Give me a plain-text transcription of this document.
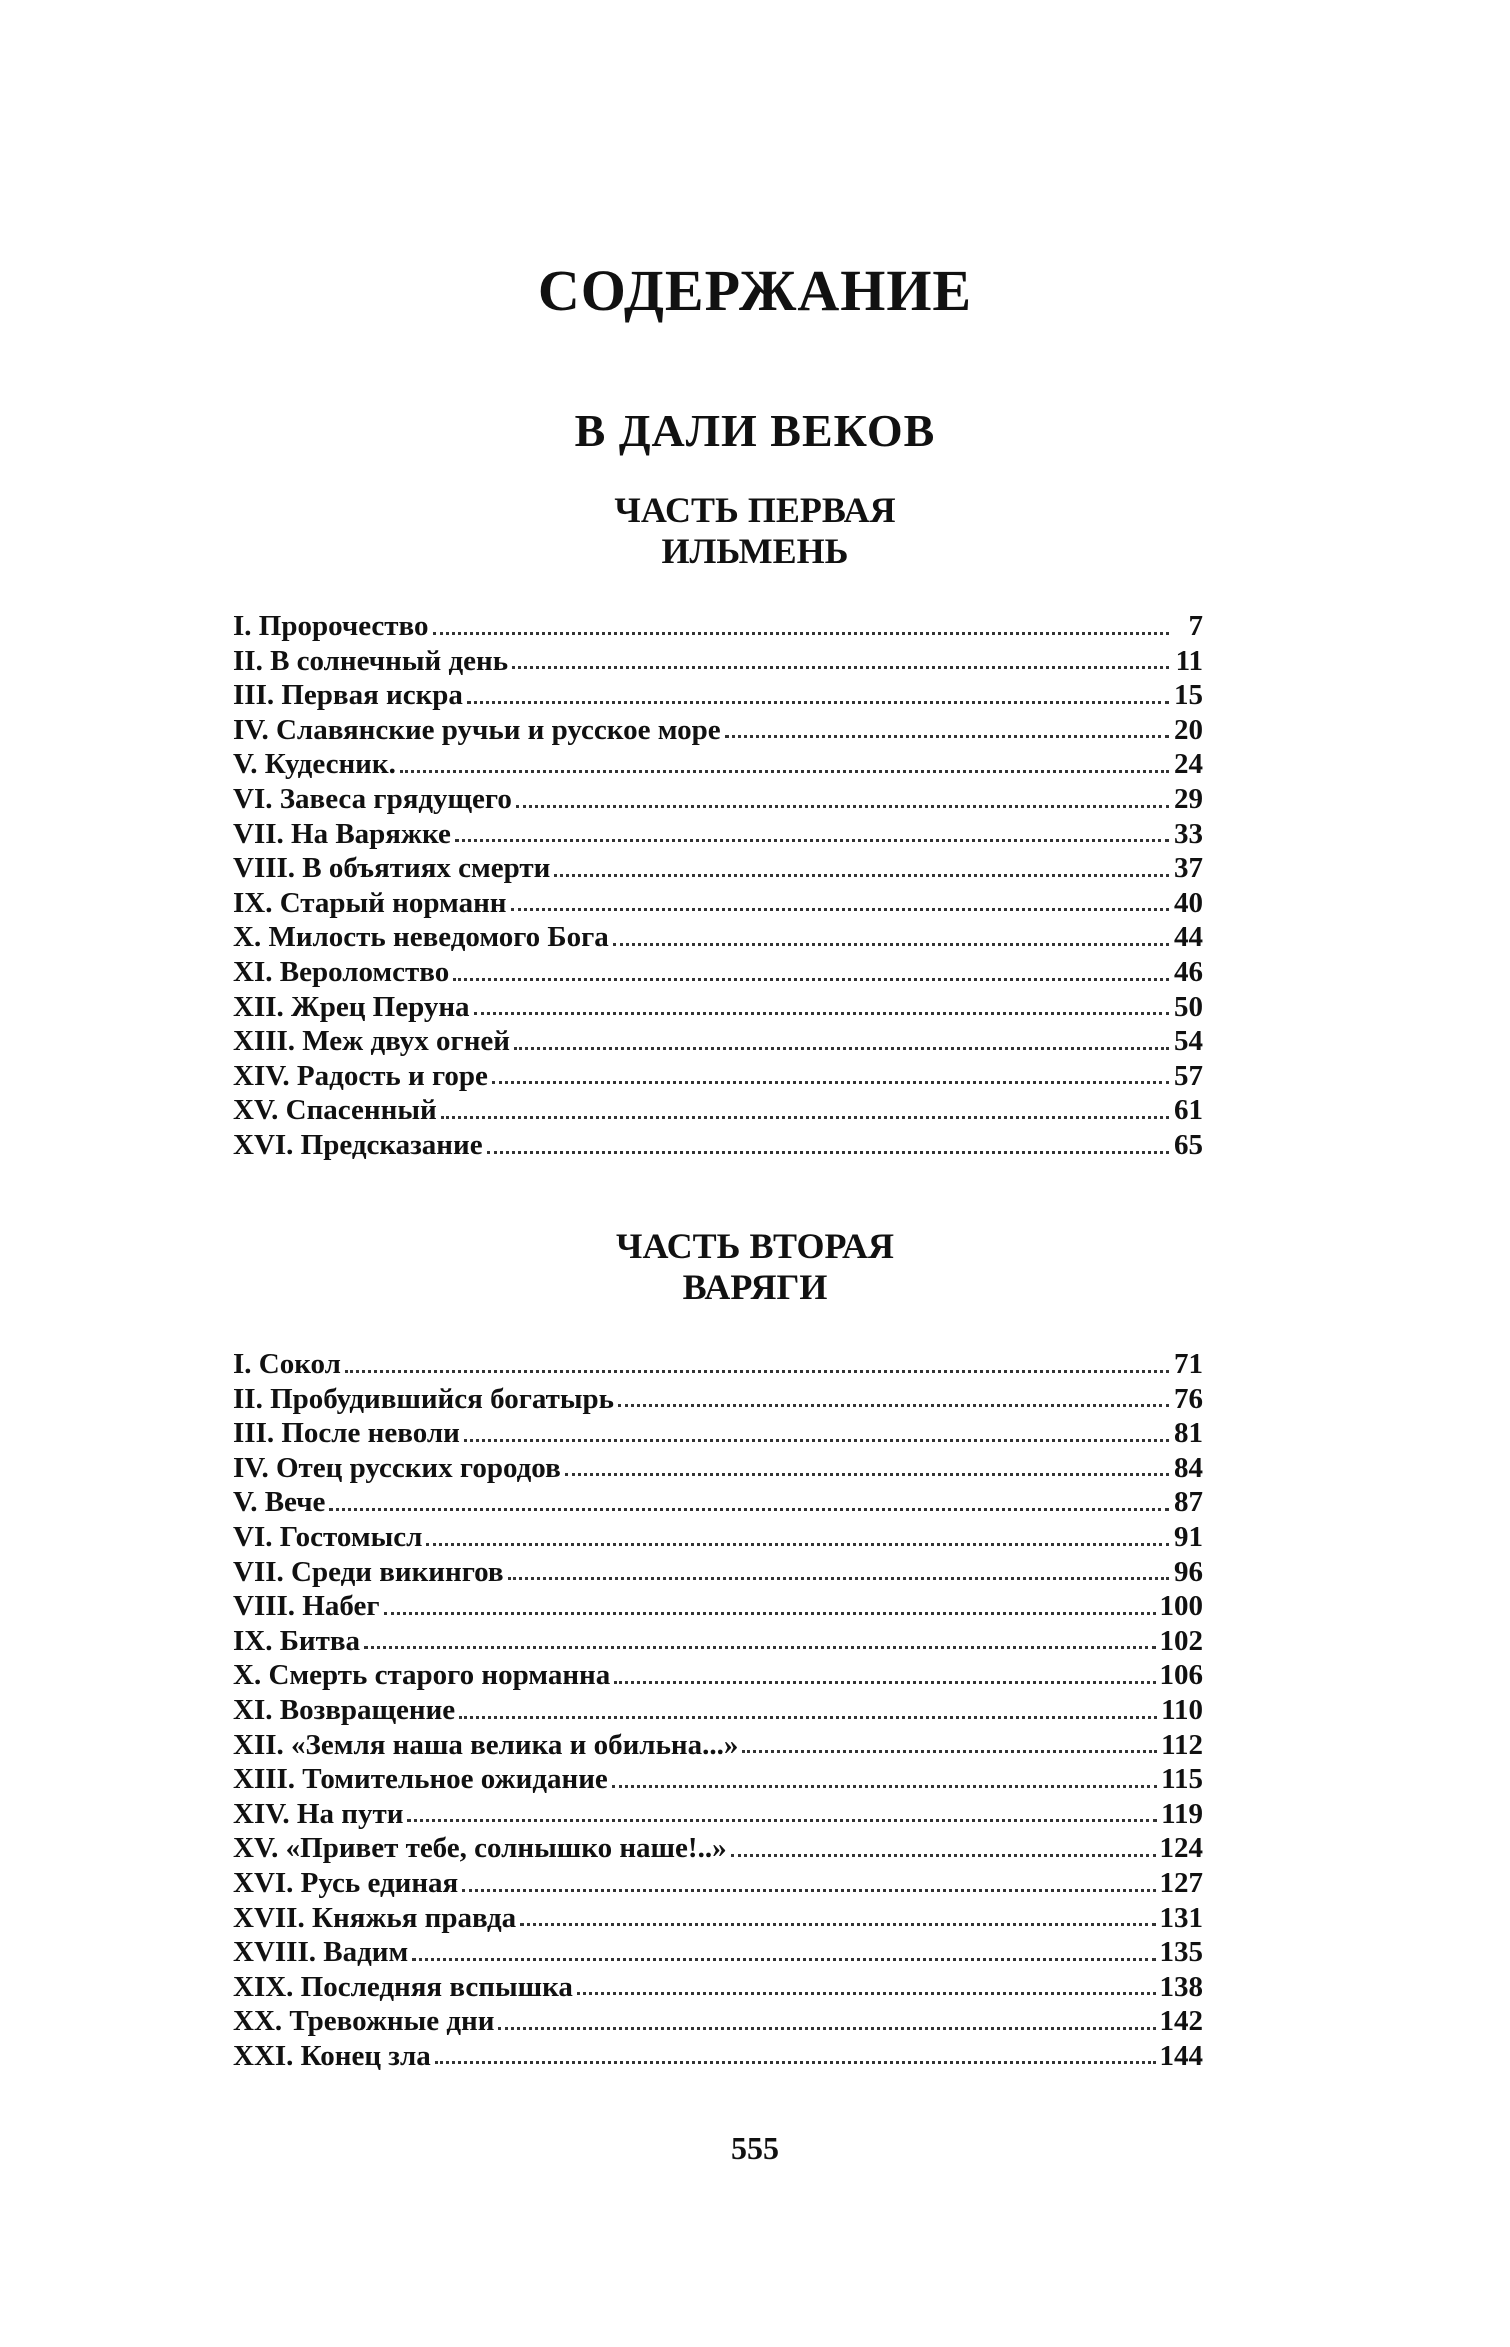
СОДЕРЖАНИЕ
В ДАЛИ ВЕКОВ
ЧАСТЬ ПЕРВАЯ
ИЛЬМЕНЬ
I. Пророчество	7
II. В солнечный день	11
III. Первая искра	15
IV. Славянские ручьи и русское море	20
V. Кудесник.	24
VI. Завеса грядущего	29
VII. На Варяжке	33
VIII. В объятиях смерти	37
IX. Старый норманн	40
X. Милость неведомого Бога	44
XI. Вероломство	46
XII. Жрец Перуна	50
XIII. Меж двух огней	54
XIV. Радость и горе	57
XV. Спасенный	61
XVI. Предсказание	65
ЧАСТЬ ВТОРАЯ
ВАРЯГИ
I. Сокол	71
II. Пробудившийся богатырь	76
III. После неволи	81
IV. Отец русских городов	84
V. Вече	87
VI. Гостомысл	91
VII. Среди викингов	96
VIII. Набег	100
IX. Битва	102
X. Смерть старого норманна	106
XI. Возвращение	110
XII. «Земля наша велика и обильна...»	112
XIII. Томительное ожидание	115
XIV. На пути	119
XV. «Привет тебе, солнышко наше!..»	124
XVI. Русь единая	127
XVII. Княжья правда	131
XVIII. Вадим	135
XIX. Последняя вспышка	138
XX. Тревожные дни	142
XXI. Конец зла	144
555
